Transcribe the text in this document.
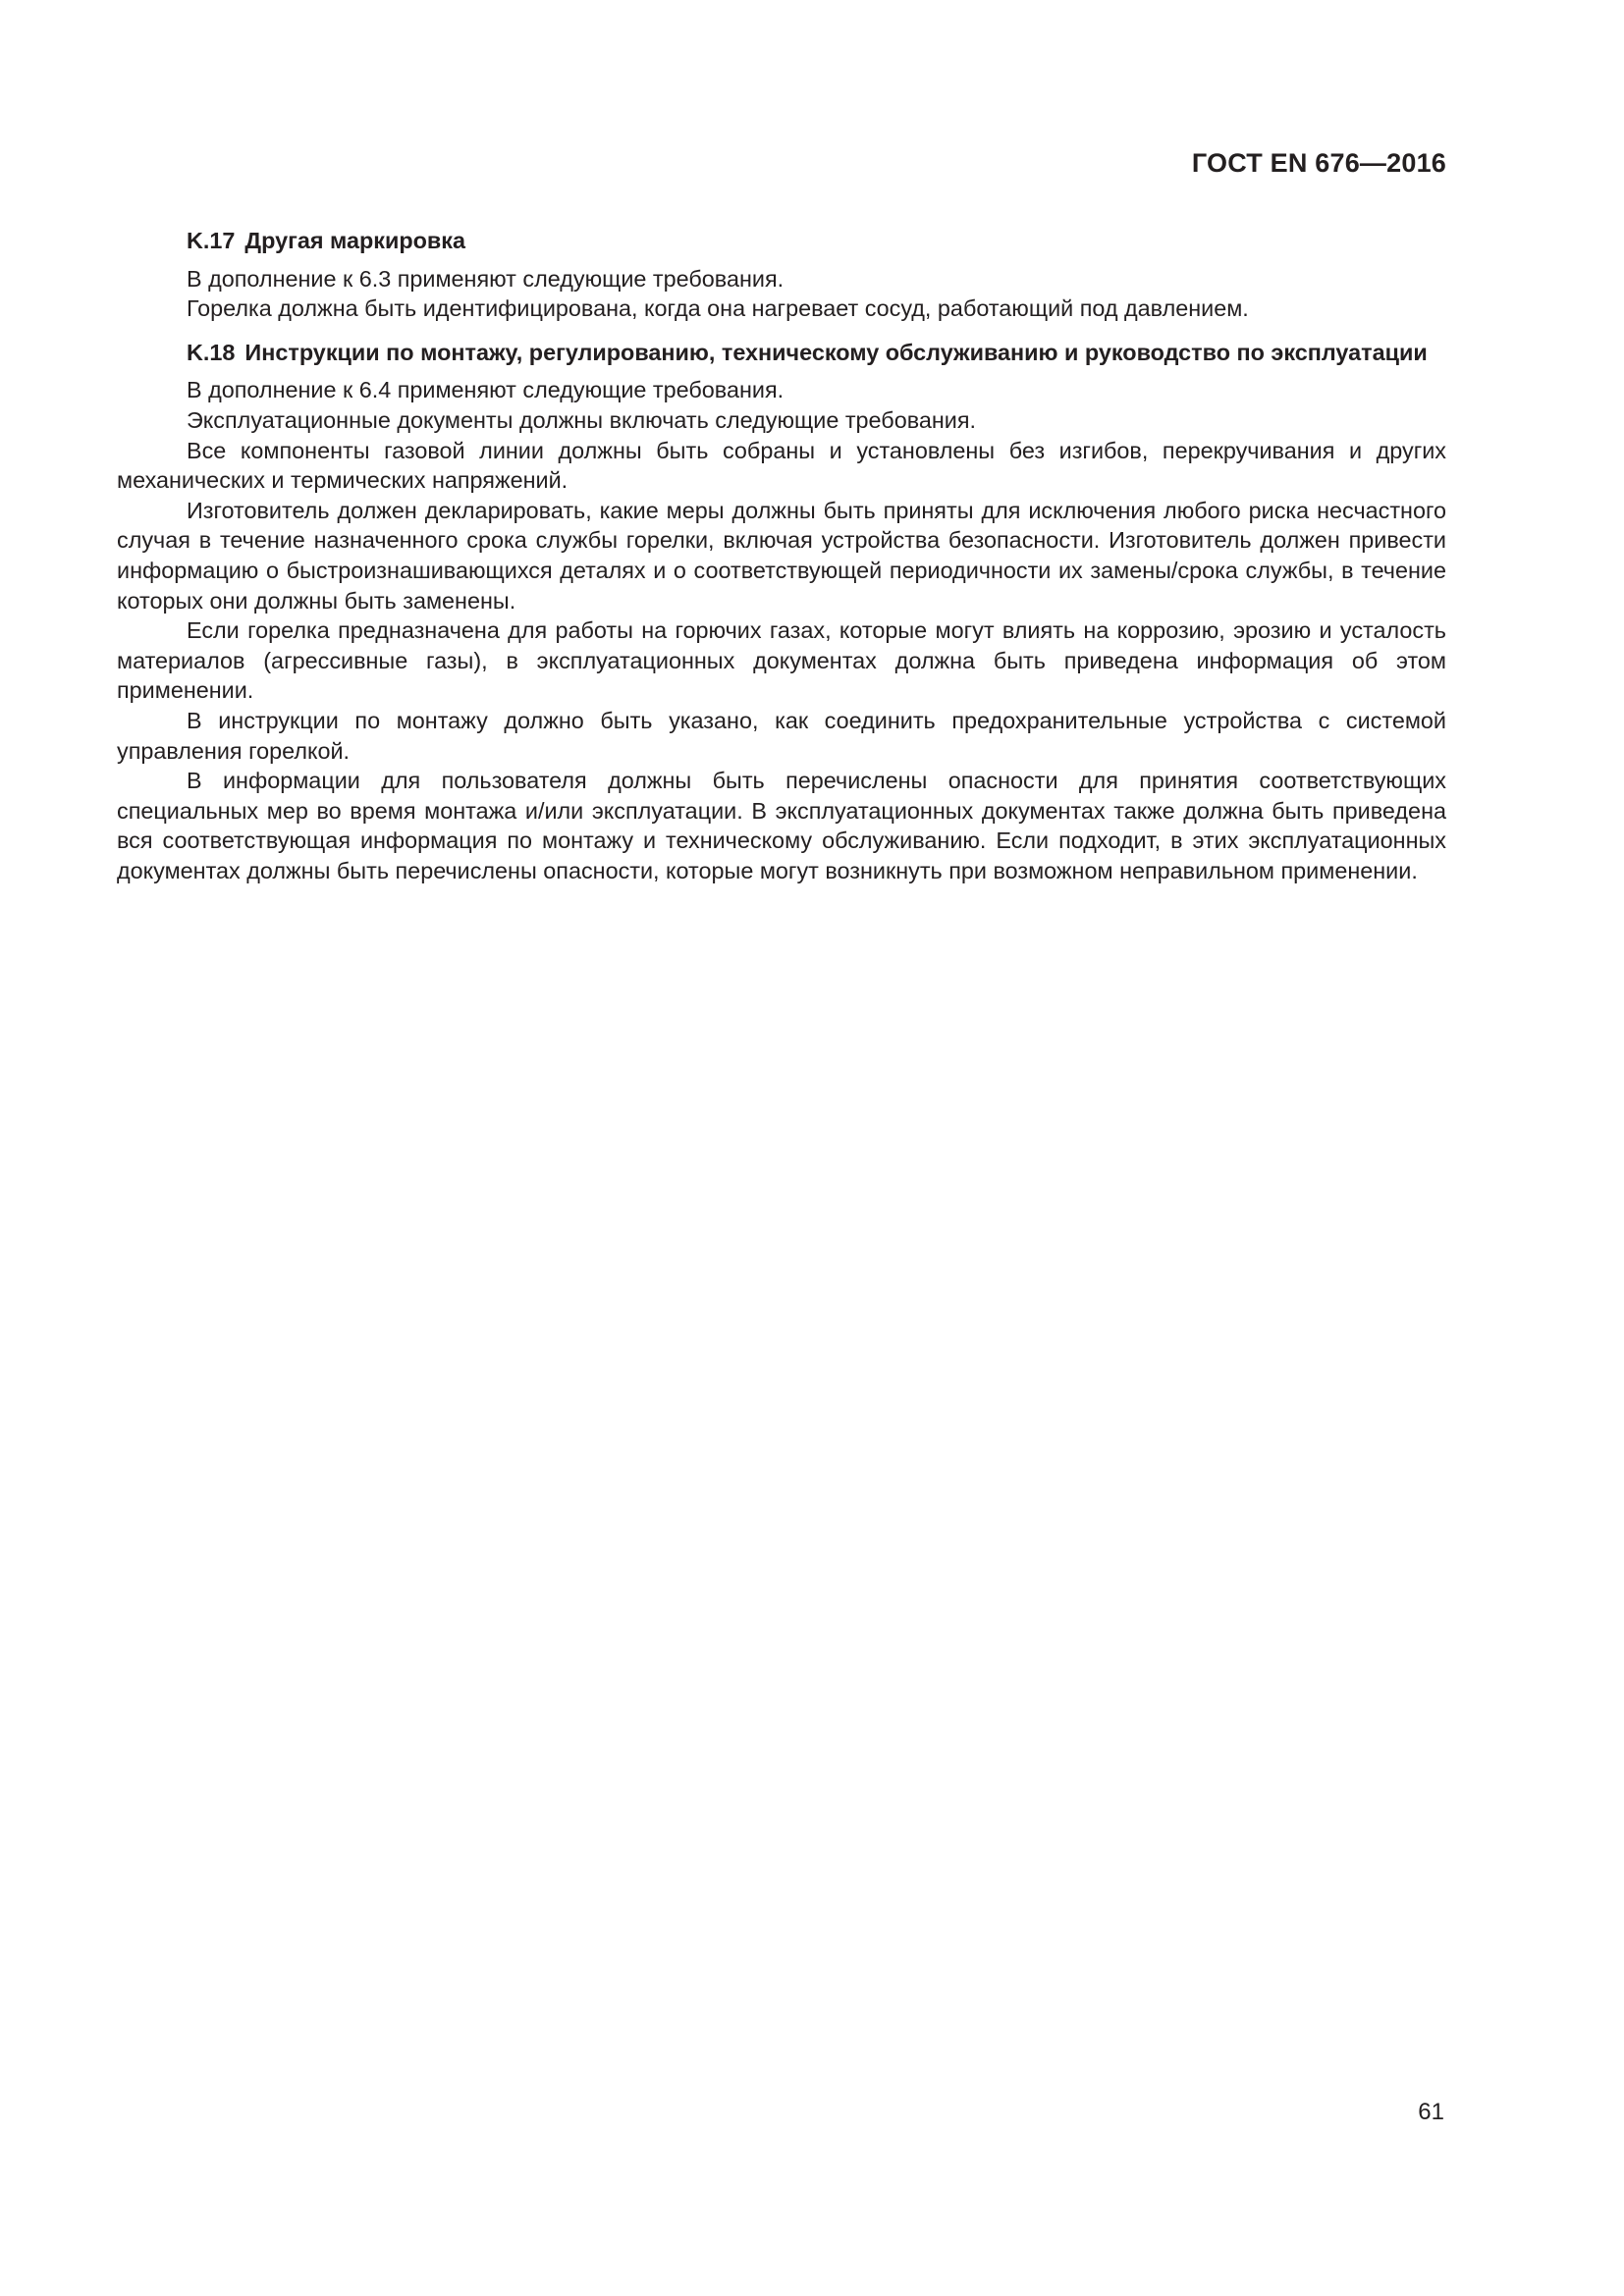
ГОСТ EN 676—2016
K.17 Другая маркировка

В дополнение к 6.3 применяют следующие требования.

Горелка должна быть идентифицирована, когда она нагревает сосуд, работающий под давлением.

K.18 Инструкции по монтажу, регулированию, техническому обслуживанию и руководство по эксплуатации

В дополнение к 6.4 применяют следующие требования.

Эксплуатационные документы должны включать следующие требования.

Все компоненты газовой линии должны быть собраны и установлены без изгибов, перекручивания и других механических и термических напряжений.

Изготовитель должен декларировать, какие меры должны быть приняты для исключения любого риска несчастного случая в течение назначенного срока службы горелки, включая устройства безопасности. Изготовитель должен привести информацию о быстроизнашивающихся деталях и о соответствующей периодичности их замены/срока службы, в течение которых они должны быть заменены.

Если горелка предназначена для работы на горючих газах, которые могут влиять на коррозию, эрозию и усталость материалов (агрессивные газы), в эксплуатационных документах должна быть приведена информация об этом применении.

В инструкции по монтажу должно быть указано, как соединить предохранительные устройства с системой управления горелкой.

В информации для пользователя должны быть перечислены опасности для принятия соответствующих специальных мер во время монтажа и/или эксплуатации. В эксплуатационных документах также должна быть приведена вся соответствующая информация по монтажу и техническому обслуживанию. Если подходит, в этих эксплуатационных документах должны быть перечислены опасности, которые могут возникнуть при возможном неправильном применении.

61
